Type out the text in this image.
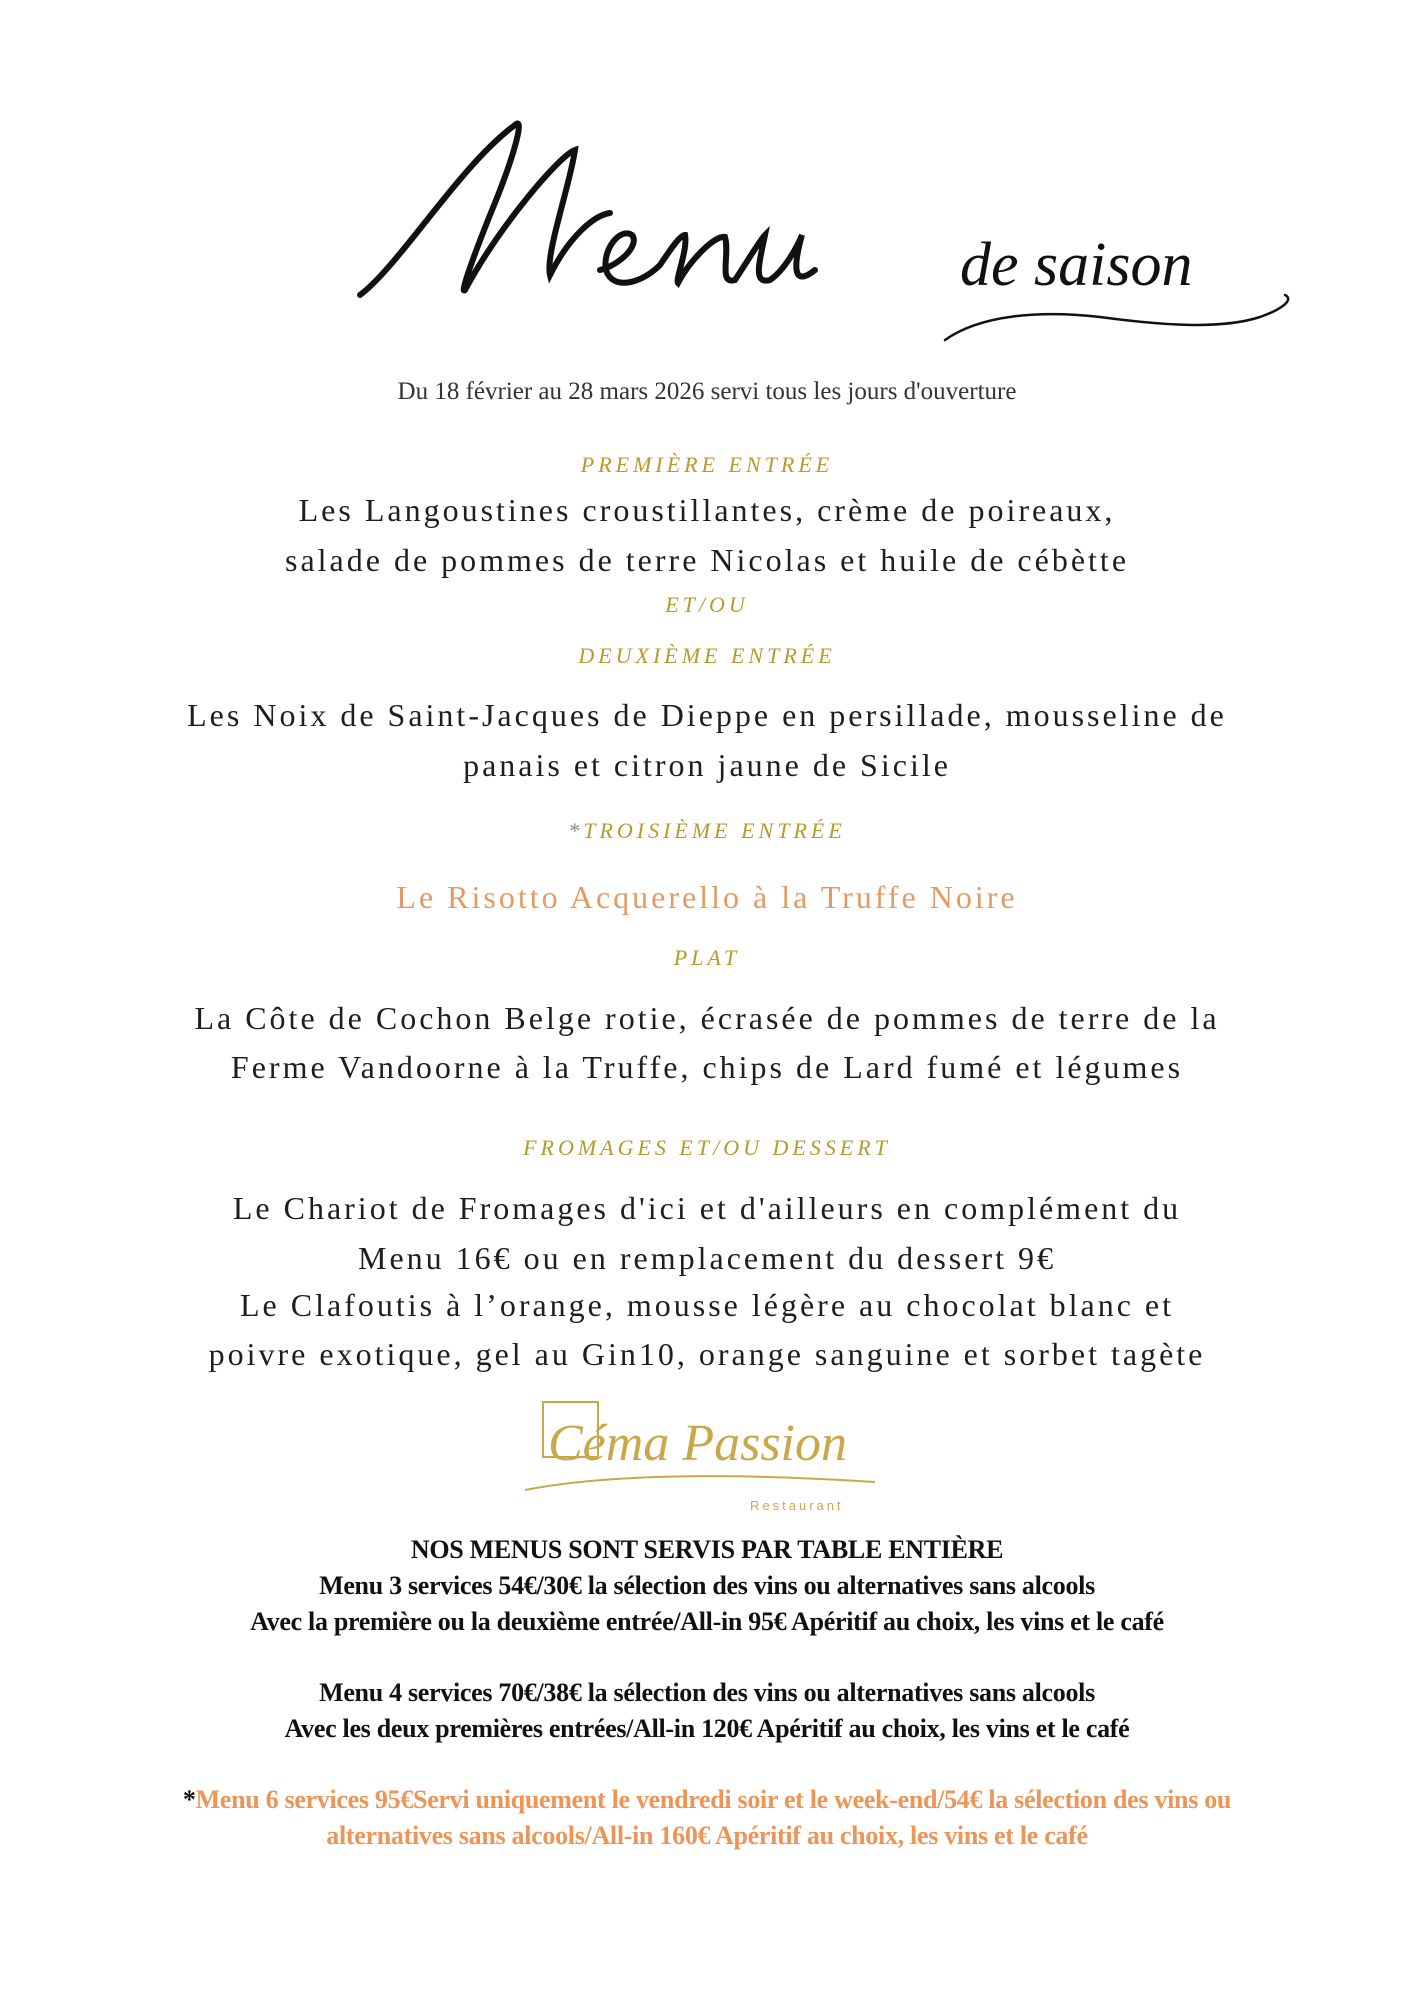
de saison
Du 18 février au 28 mars 2026 servi tous les jours d'ouverture
PREMIÈRE ENTRÉE
Les Langoustines croustillantes, crème de poireaux,
salade de pommes de terre Nicolas et huile de cébètte
ET/OU
DEUXIÈME ENTRÉE
Les Noix de Saint-Jacques de Dieppe en persillade, mousseline de
panais et citron jaune de Sicile
*TROISIÈME ENTRÉE
Le Risotto Acquerello à la Truffe Noire
PLAT
La Côte de Cochon Belge rotie, écrasée de pommes de terre de la
Ferme Vandoorne à la Truffe, chips de Lard fumé et légumes
FROMAGES ET/OU DESSERT
Le Chariot de Fromages d'ici et d'ailleurs en complément du
Menu 16€ ou en remplacement du dessert 9€
Le Clafoutis à l’orange, mousse légère au chocolat blanc et
poivre exotique, gel au Gin10, orange sanguine et sorbet tagète
Céma Passion
Restaurant
NOS MENUS SONT SERVIS PAR TABLE ENTIÈRE
Menu 3 services 54€/30€ la sélection des vins ou alternatives sans alcools
Avec la première ou la deuxième entrée/All-in 95€ Apéritif au choix, les vins et le café
Menu 4 services 70€/38€ la sélection des vins ou alternatives sans alcools
Avec les deux premières entrées/All-in 120€ Apéritif au choix, les vins et le café
*Menu 6 services 95€Servi uniquement le vendredi soir et le week-end/54€ la sélection des vins ou
alternatives sans alcools/All-in 160€ Apéritif au choix, les vins et le café
